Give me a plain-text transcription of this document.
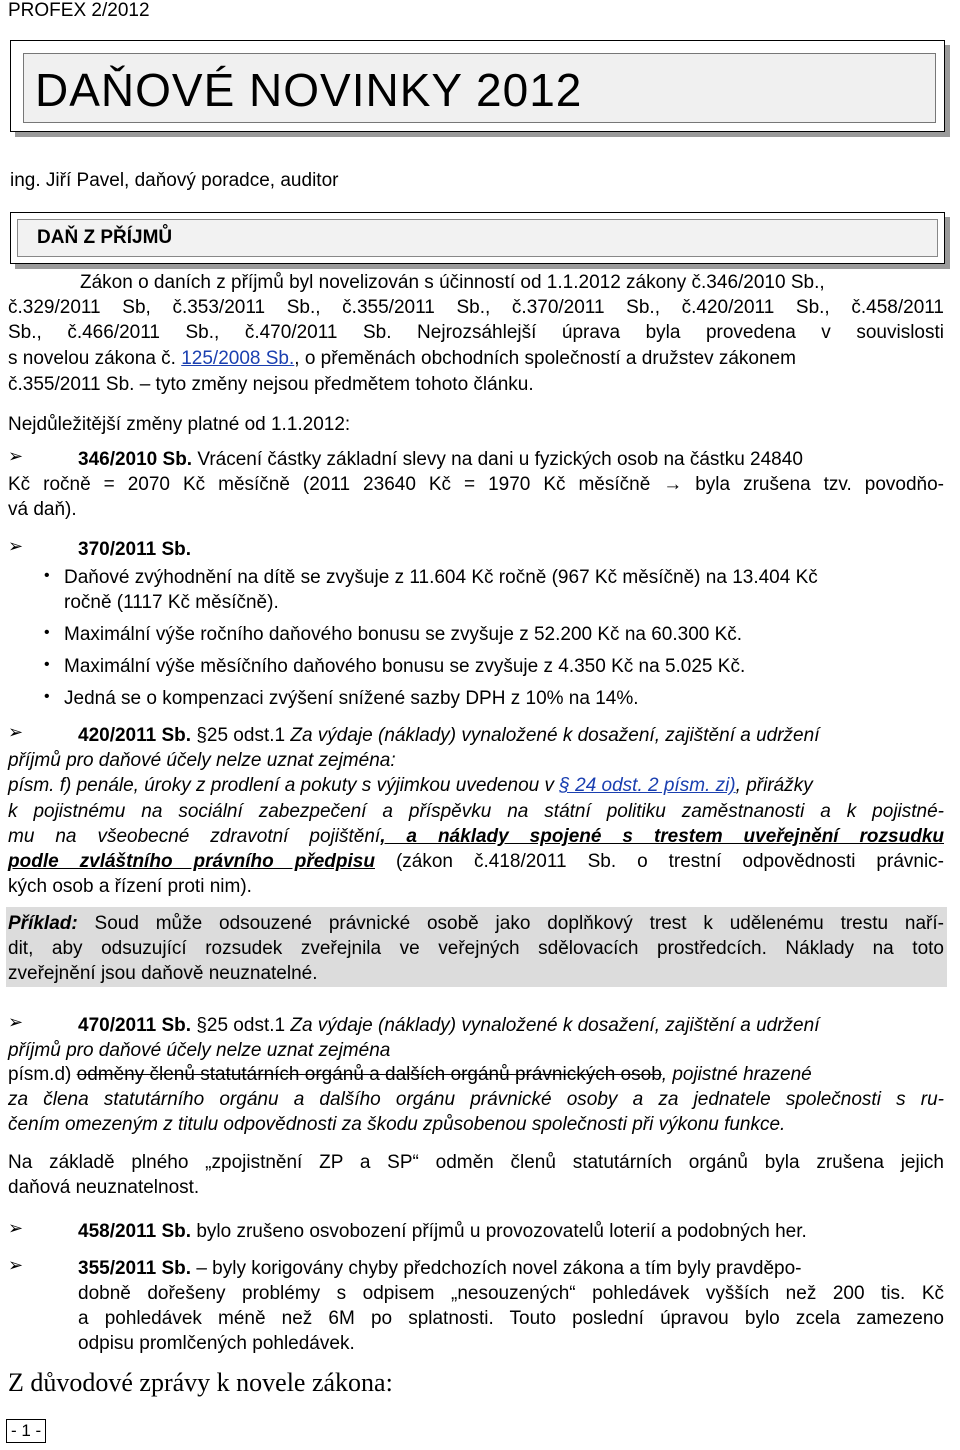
PROFEX 2/2012
DAŇOVÉ NOVINKY 2012
ing. Jiří Pavel, daňový poradce, auditor
DAŇ Z PŘÍJMŮ
Zákon o daních z příjmů byl novelizován s účinností od 1.1.2012 zákony č.346/2010 Sb.,
č.329/2011 Sb, č.353/2011 Sb., č.355/2011 Sb., č.370/2011 Sb., č.420/2011 Sb., č.458/2011
Sb., č.466/2011 Sb., č.470/2011 Sb. Nejrozsáhlejší úprava byla provedena v souvislosti
s novelou zákona č. 125/2008 Sb., o přeměnách obchodních společností a družstev zákonem
č.355/2011 Sb. – tyto změny nejsou předmětem tohoto článku.
Nejdůležitější změny platné od 1.1.2012:
➢	346/2010 Sb. Vrácení částky základní slevy na dani u fyzických osob na částku 24840
Kč ročně = 2070 Kč měsíčně (2011 23640 Kč = 1970 Kč měsíčně → byla zrušena tzv. povodňo-
vá daň).
➢	370/2011 Sb.
• Daňové zvýhodnění na dítě se zvyšuje z 11.604 Kč ročně (967 Kč měsíčně) na 13.404 Kč
ročně (1117 Kč měsíčně).
• Maximální výše ročního daňového bonusu se zvyšuje z 52.200 Kč na 60.300 Kč.
• Maximální výše měsíčního daňového bonusu se zvyšuje z 4.350 Kč na 5.025 Kč.
• Jedná se o kompenzaci zvýšení snížené sazby DPH z 10% na 14%.
➢	420/2011 Sb. §25 odst.1 Za výdaje (náklady) vynaložené k dosažení, zajištění a udržení
příjmů pro daňové účely nelze uznat zejména:
písm. f) penále, úroky z prodlení a pokuty s výjimkou uvedenou v § 24 odst. 2 písm. zi), přirážky
k pojistnému na sociální zabezpečení a příspěvku na státní politiku zaměstnanosti a k pojistné-
mu na všeobecné zdravotní pojištění, a náklady spojené s trestem uveřejnění rozsudku
podle zvláštního právního předpisu (zákon č.418/2011 Sb. o trestní odpovědnosti právnic-
kých osob a řízení proti nim).
Příklad: Soud může odsouzené právnické osobě jako doplňkový trest k udělenému trestu naří-
dit, aby odsuzující rozsudek zveřejnila ve veřejných sdělovacích prostředcích. Náklady na toto
zveřejnění jsou daňově neuznatelné.
➢	470/2011 Sb. §25 odst.1 Za výdaje (náklady) vynaložené k dosažení, zajištění a udržení
příjmů pro daňové účely nelze uznat zejména
písm.d) odměny členů statutárních orgánů a dalších orgánů právnických osob, pojistné hrazené
za člena statutárního orgánu a dalšího orgánu právnické osoby a za jednatele společnosti s ru-
čením omezeným z titulu odpovědnosti za škodu způsobenou společnosti při výkonu funkce.
Na základě plného „zpojistnění ZP a SP“ odměn členů statutárních orgánů byla zrušena jejich
daňová neuznatelnost.
➢	458/2011 Sb. bylo zrušeno osvobození příjmů u provozovatelů loterií a podobných her.
➢	355/2011 Sb. – byly korigovány chyby předchozích novel zákona a tím byly pravděpo-
dobně dořešeny problémy s odpisem „nesouzených“ pohledávek vyšších než 200 tis. Kč
a pohledávek méně než 6M po splatnosti. Touto poslední úpravou bylo zcela zamezeno
odpisu promlčených pohledávek.
Z důvodové zprávy k novele zákona:
- 1 -
